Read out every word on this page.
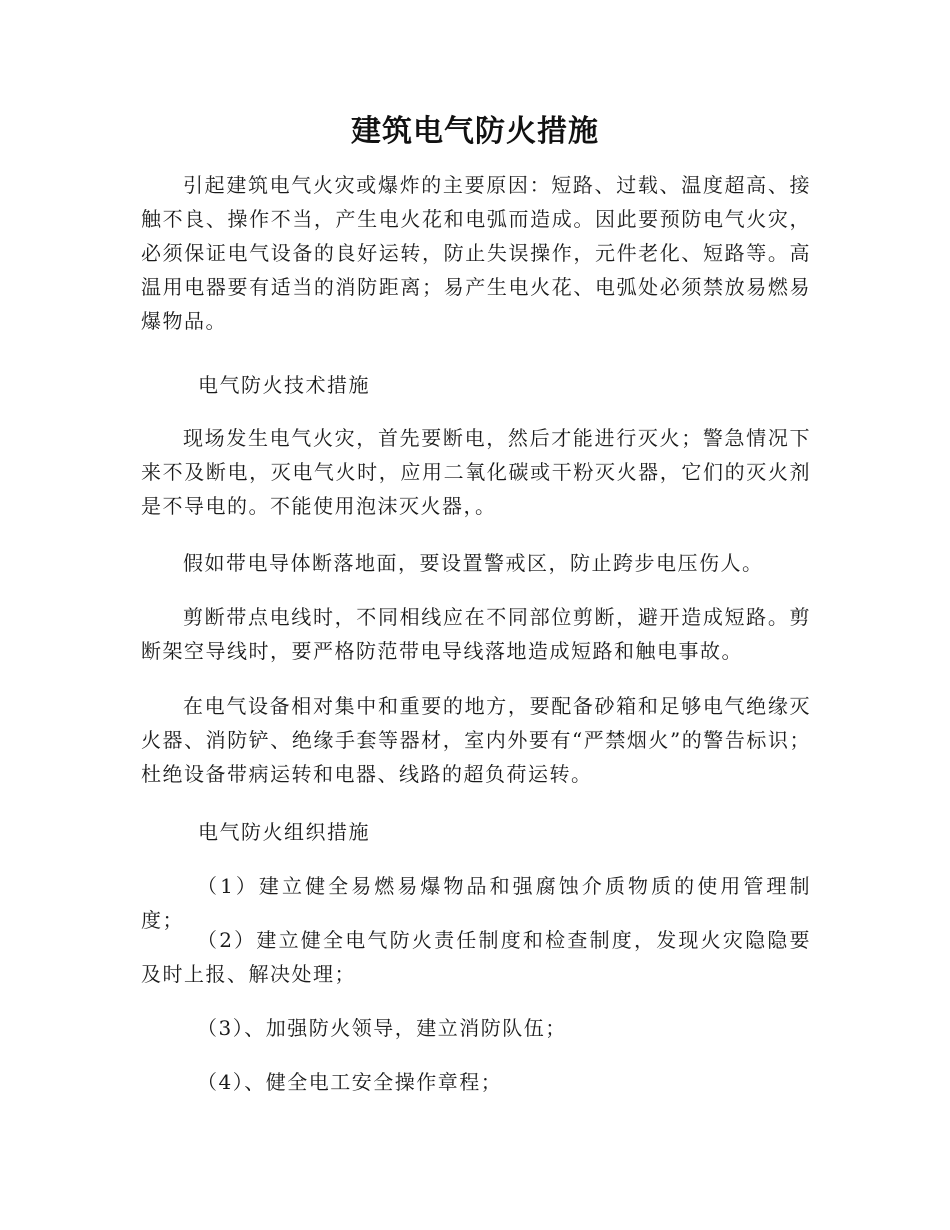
建筑电气防火措施

引起建筑电气火灾或爆炸的主要原因：短路、过载、温度超高、接触不良、操作不当，产生电火花和电弧而造成。因此要预防电气火灾，必须保证电气设备的良好运转，防止失误操作，元件老化、短路等。高温用电器要有适当的消防距离；易产生电火花、电弧处必须禁放易燃易爆物品。

电气防火技术措施

现场发生电气火灾，首先要断电，然后才能进行灭火；警急情况下来不及断电，灭电气火时，应用二氧化碳或干粉灭火器，它们的灭火剂是不导电的。不能使用泡沫灭火器，。

假如带电导体断落地面，要设置警戒区，防止跨步电压伤人。

剪断带点电线时，不同相线应在不同部位剪断，避开造成短路。剪断架空导线时，要严格防范带电导线落地造成短路和触电事故。

在电气设备相对集中和重要的地方，要配备砂箱和足够电气绝缘灭火器、消防铲、绝缘手套等器材，室内外要有“严禁烟火”的警告标识；杜绝设备带病运转和电器、线路的超负荷运转。

电气防火组织措施

（1）建立健全易燃易爆物品和强腐蚀介质物质的使用管理制度；

（2）建立健全电气防火责任制度和检查制度，发现火灾隐隐要及时上报、解决处理；

（3）、加强防火领导，建立消防队伍；

（4）、健全电工安全操作章程；
